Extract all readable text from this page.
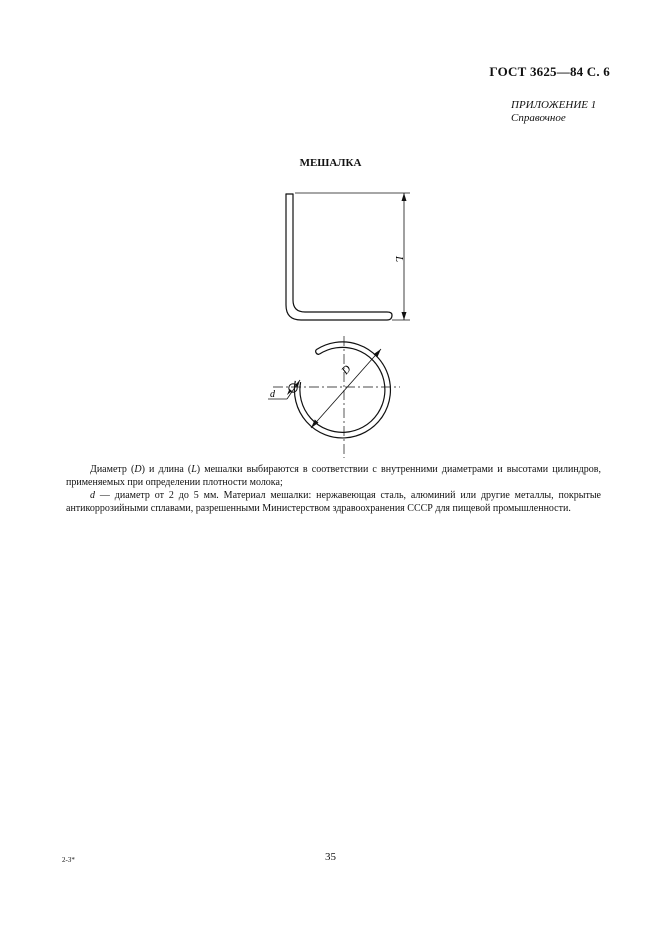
ГОСТ 3625—84 С. 6
ПРИЛОЖЕНИЕ 1
Справочное
МЕШАЛКА
L
D
d

Диаметр (D) и длина (L) мешалки выбираются в соответствии с внутренними диаметрами и высотами цилиндров, применяемых при определении плотности молока;

d — диаметр от 2 до 5 мм. Материал мешалки: нержавеющая сталь, алюминий или другие металлы, покрытые антикоррозийными сплавами, разрешенными Министерством здравоохранения СССР для пищевой промышленности.

2-3*	35
